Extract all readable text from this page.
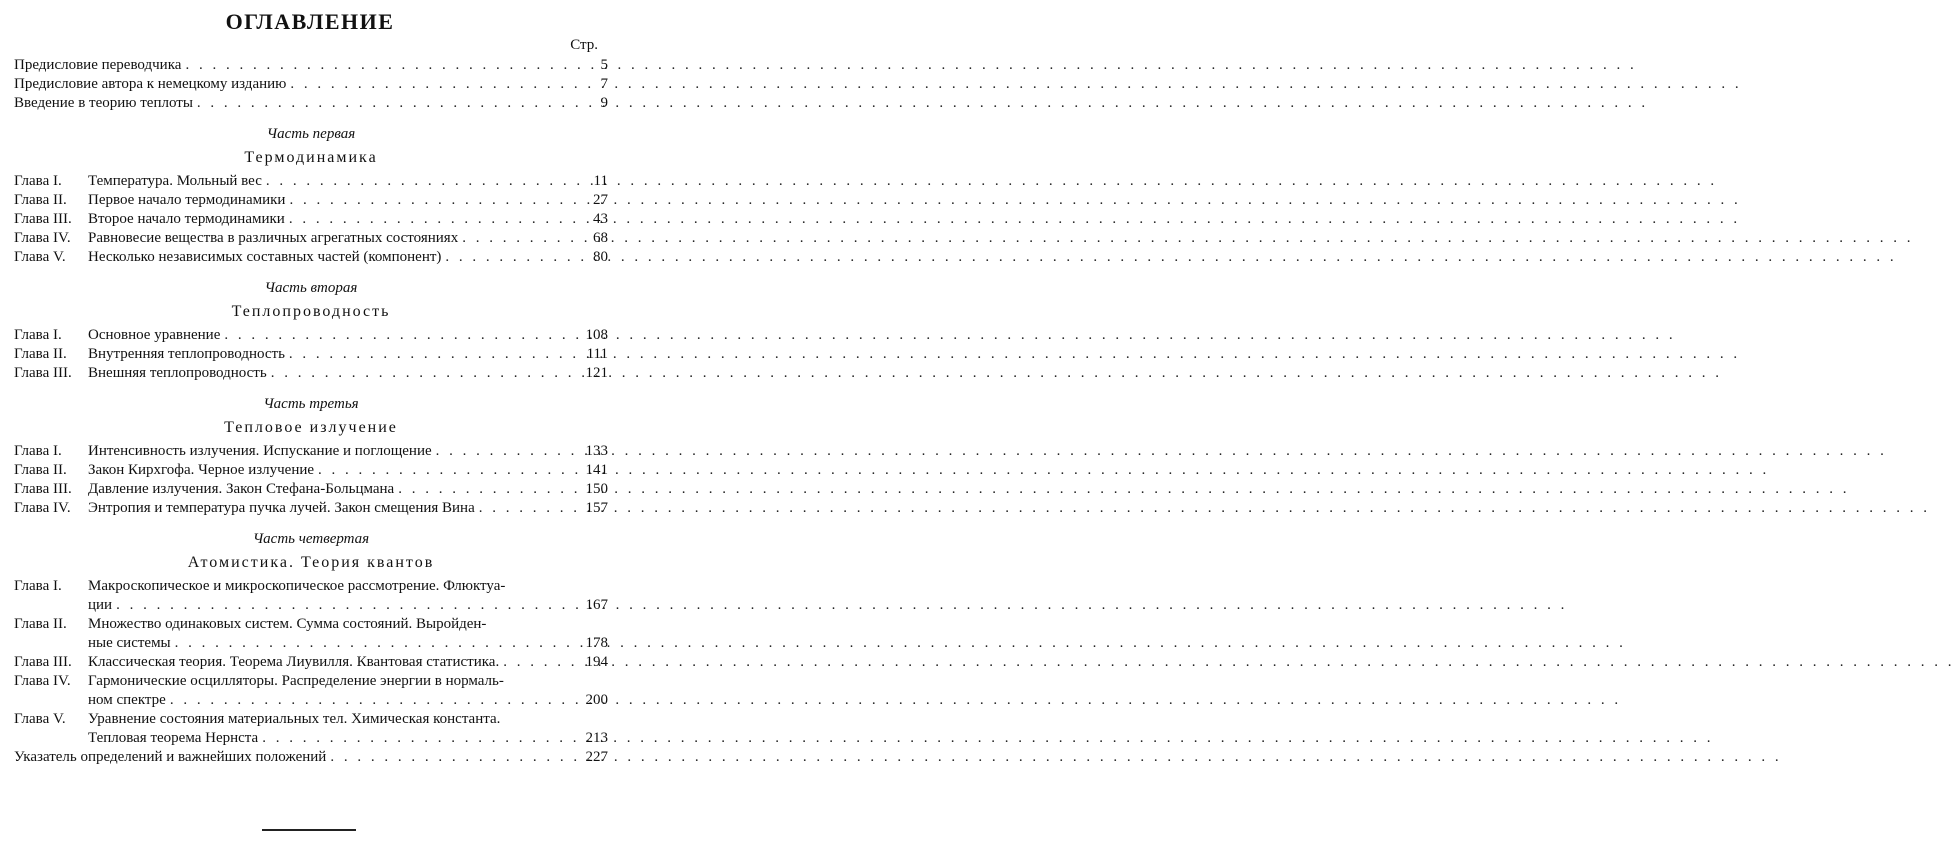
ОГЛАВЛЕНИЕ
Стр.
Предисловие переводчика . . .	5
Предисловие автора к немецкому изданию . . .	7
Введение в теорию теплоты . . .	9
Часть первая
Термодинамика
Глава I. Температура. Мольный вес . . .	11
Глава II. Первое начало термодинамики . . .	27
Глава III. Второе начало термодинамики . . .	43
Глава IV. Равновесие вещества в различных агрегатных состояниях . . .	68
Глава V. Несколько независимых составных частей (компонент) . . .	80
Часть вторая
Теплопроводность
Глава I. Основное уравнение . . .	108
Глава II. Внутренняя теплопроводность . . .	111
Глава III. Внешняя теплопроводность . . .	121
Часть третья
Тепловое излучение
Глава I. Интенсивность излучения. Испускание и поглощение . . .	133
Глава II. Закон Кирхгофа. Черное излучение . . .	141
Глава III. Давление излучения. Закон Стефана-Больцмана . . .	150
Глава IV. Энтропия и температура пучка лучей. Закон смещения Вина . . .	157
Часть четвертая
Атомистика. Теория квантов
Глава I. Макроскопическое и микроскопическое рассмотрение. Флюктуа-
ции . . .	167
Глава II. Множество одинаковых систем. Сумма состояний. Выройден-
ные системы . . .	178
Глава III. Классическая теория. Теорема Лиувилля. Квантовая статистика. . . .	194
Глава IV. Гармонические осцилляторы. Распределение энергии в нормаль-
ном спектре . . .	200
Глава V. Уравнение состояния материальных тел. Химическая константа.
Тепловая теорема Нернста . . .	213
Указатель определений и важнейших положений . . .	227
